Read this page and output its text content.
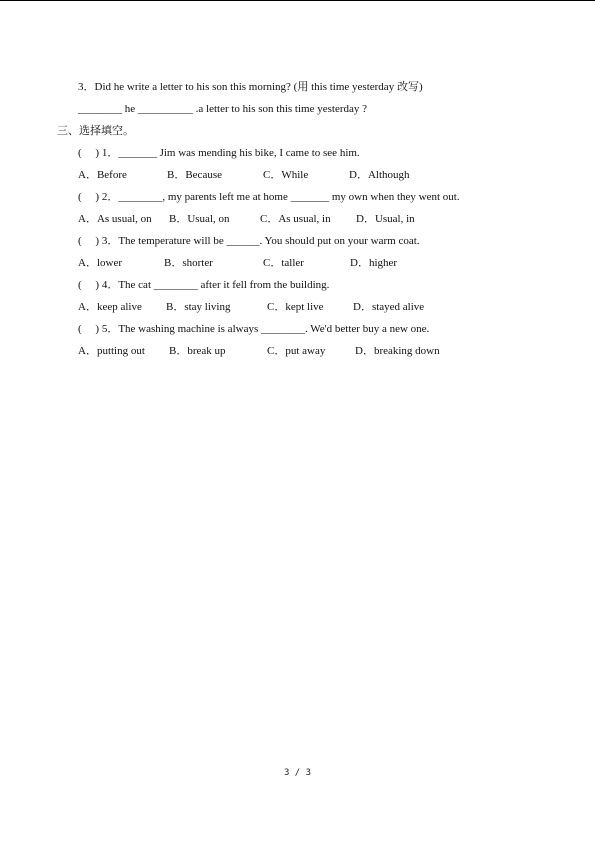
3．Did he write a letter to his son this morning? (用 this time yesterday 改写)
________ he __________ .a letter to his son this time yesterday ?
三、选择填空。
(　 ) 1．_______ Jim was mending his bike, I came to see him.
A．Before	B．Because	C．While	D．Although
(　 ) 2．________, my parents left me at home _______ my own when they went out.
A．As usual, on B．Usual, on	C．As usual, in D．Usual, in
(　 ) 3．The temperature will be ______. You should put on your warm coat.
A．lower	B．shorter	C．taller	D．higher
(　 ) 4．The cat ________ after it fell from the building.
A．keep alive B．stay living	C．kept live	D．stayed alive
(　 ) 5．The washing machine is always ________. We'd better buy a new one.
A．putting out B．break up	C．put away	D．breaking down
3 / 3
